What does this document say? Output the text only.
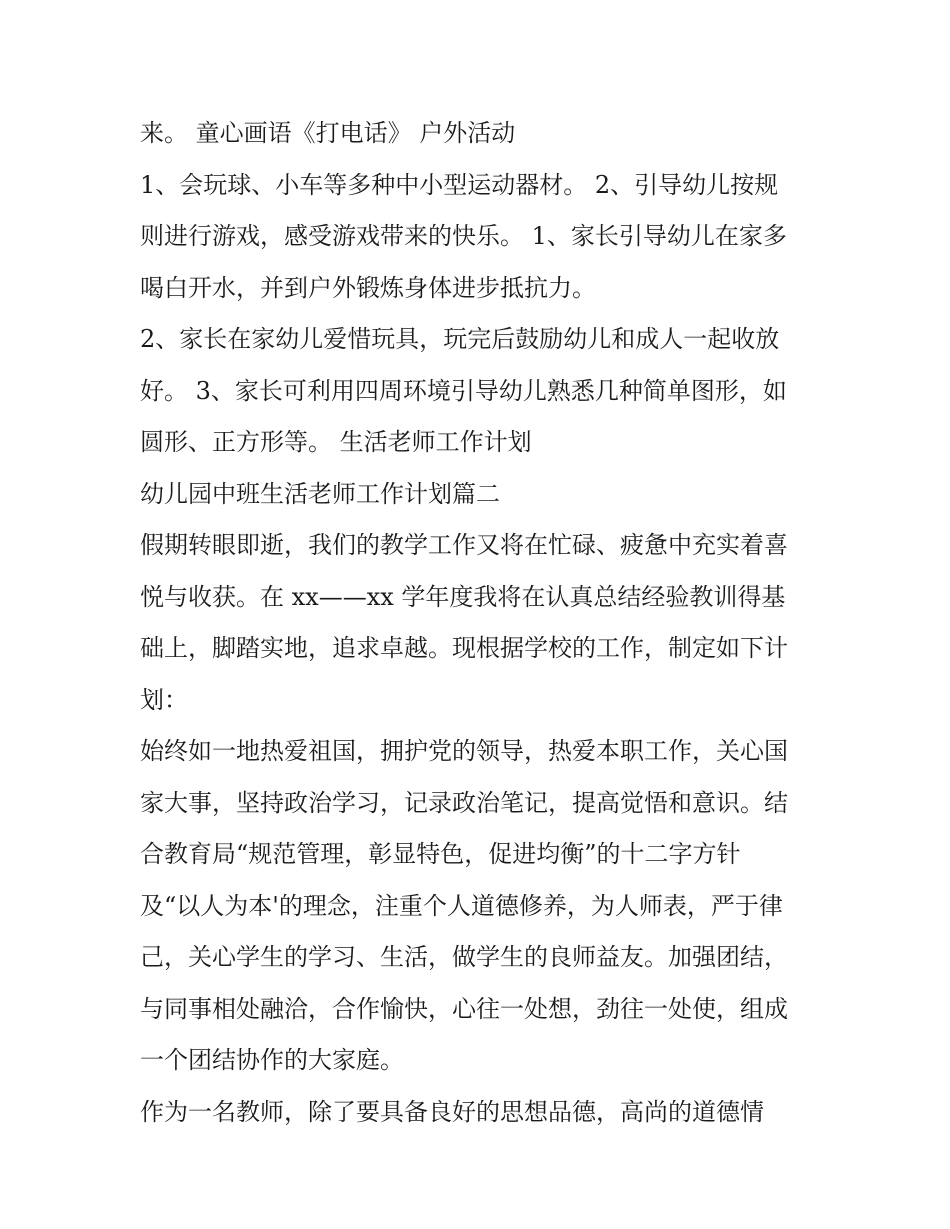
来。 童心画语《打电话》 户外活动
1、会玩球、小车等多种中小型运动器材。 2、引导幼儿按规
则进行游戏，感受游戏带来的快乐。 1、家长引导幼儿在家多
喝白开水，并到户外锻炼身体进步抵抗力。
2、家长在家幼儿爱惜玩具，玩完后鼓励幼儿和成人一起收放
好。 3、家长可利用四周环境引导幼儿熟悉几种简单图形，如
圆形、正方形等。 生活老师工作计划
幼儿园中班生活老师工作计划篇二
假期转眼即逝，我们的教学工作又将在忙碌、疲惫中充实着喜
悦与收获。在 xx——xx 学年度我将在认真总结经验教训得基
础上，脚踏实地，追求卓越。现根据学校的工作，制定如下计
划：
始终如一地热爱祖国，拥护党的领导，热爱本职工作，关心国
家大事，坚持政治学习，记录政治笔记，提高觉悟和意识。结
合教育局“规范管理，彰显特色，促进均衡”的十二字方针
及“以人为本'的理念，注重个人道德修养，为人师表，严于律
己，关心学生的学习、生活，做学生的良师益友。加强团结，
与同事相处融洽，合作愉快，心往一处想，劲往一处使，组成
一个团结协作的大家庭。
作为一名教师，除了要具备良好的思想品德，高尚的道德情
